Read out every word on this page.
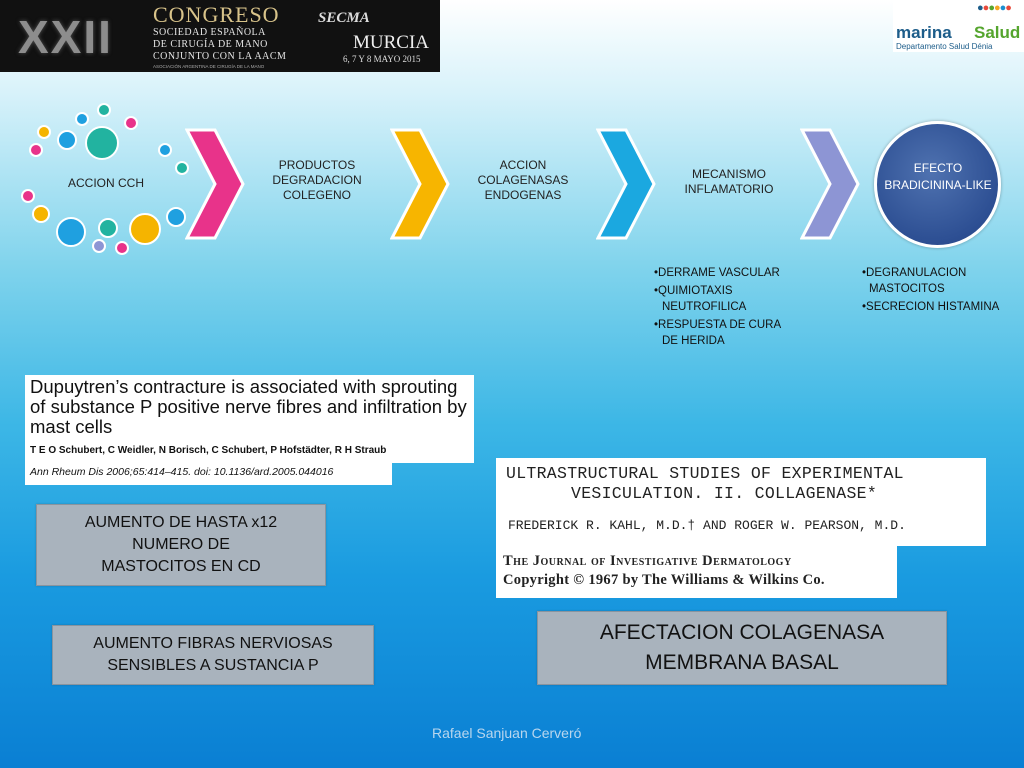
XXII CONGRESO
SOCIEDAD ESPAÑOLA
DE CIRUGÍA DE MANO
CONJUNTO CON LA AACM
ASOCIACIÓN ARGENTINA DE CIRUGÍA DE LA MANO
SECMA
MURCIA
6, 7 Y 8 MAYO 2015
●●●●●●
marina Salud
Departamento Salud Dénia
ACCION CCH
PRODUCTOS DEGRADACION COLEGENO
ACCION COLAGENASAS ENDOGENAS
MECANISMO INFLAMATORIO
EFECTO BRADICININA-LIKE
•DERRAME VASCULAR
•QUIMIOTAXIS
NEUTROFILICA
•RESPUESTA DE CURA
DE HERIDA
•DEGRANULACION
MASTOCITOS
•SECRECION HISTAMINA
Dupuytren’s contracture is associated with sprouting of substance P positive nerve fibres and infiltration by mast cells
T E O Schubert, C Weidler, N Borisch, C Schubert, P Hofstädter, R H Straub
Ann Rheum Dis 2006;65:414–415. doi: 10.1136/ard.2005.044016	ULTRASTRUCTURAL STUDIES OF EXPERIMENTAL
VESICULATION. II. COLLAGENASE*
FREDERICK R. KAHL, M.D.† AND ROGER W. PEARSON, M.D.
The Journal of Investigative Dermatology
Copyright © 1967 by The Williams & Wilkins Co.
AUMENTO DE HASTA x12
NUMERO DE
MASTOCITOS EN CD
AUMENTO FIBRAS NERVIOSAS
SENSIBLES A SUSTANCIA P
AFECTACION COLAGENASA
MEMBRANA BASAL
Rafael Sanjuan Cerveró
